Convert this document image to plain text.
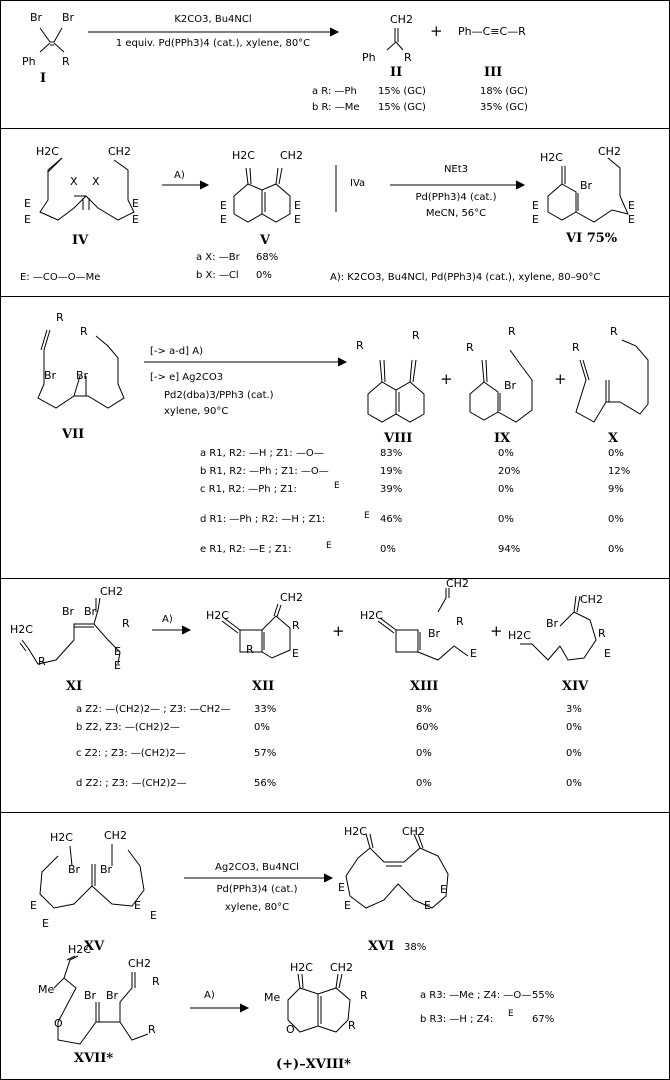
Br Br
Ph R
I
K2CO3, Bu4NCl
1 equiv. Pd(PPh3)4 (cat.), xylene, 80°C
CH2
Ph	R
+ Ph—C≡C—R
II	III
a R: —Ph 15% (GC)	18% (GC)
b R: —Me 15% (GC)	35% (GC)
H2C	CH2
X X
E
E
E
E
IV
A)
H2C CH2
E
E
E
E
V
a X: —Br 68%
b X: —Cl 0%
IVa
NEt3
Pd(PPh3)4 (cat.)
MeCN, 56°C
H2C	CH2
Br
E
E
E
E
VI 75%
E: —CO—O—Me	A): K2CO3, Bu4NCl, Pd(PPh3)4 (cat.), xylene, 80–90°C
R
R
Br Br
VII
[-> a-d] A)
[-> e] Ag2CO3
Pd2(dba)3/PPh3 (cat.)
xylene, 90°C
R
R
+
R
Br
R
+
R
R
VIII	IX	X
a R1, R2: —H ; Z1: —O—	83%	0%	0%
b R1, R2: —Ph ; Z1: —O—	19%	20%	12%
c R1, R2: —Ph ; Z1:	E	39%	0%	9%
d R1: —Ph ; R2: —H ; Z1:	E 46%	0%	0%
e R1, R2: —E ; Z1:	E	0%	94%	0%
H2C
Br Br
CH2
R
R
E
E
XI
A)	H2C
CH2
R
R
E
XII
+
H2C
Br
CH2
R
E
XIII
+ H2C
Br
CH2
R
E
XIV
a Z2: —(CH2)2— ; Z3: —CH2— 33%	8%	3%
b Z2, Z3: —(CH2)2—	0%	60%	0%
c Z2: ; Z3: —(CH2)2—	57%	0%	0%
d Z2: ; Z3: —(CH2)2—	56%	0%	0%
H2C	CH2
Br Br
E
E
E
E
XV
Ag2CO3, Bu4NCl
Pd(PPh3)4 (cat.)
xylene, 80°C
H2C	CH2
E
E	E
E
XVI 38%
H2C
Me	Br Br
CH2
R
O	R
XVII*
A)
H2C CH2
Me	R
O	R
(+)–XVIII*
a R3: —Me ; Z4: —O— 55%
b R3: —H ; Z4: E 67%
